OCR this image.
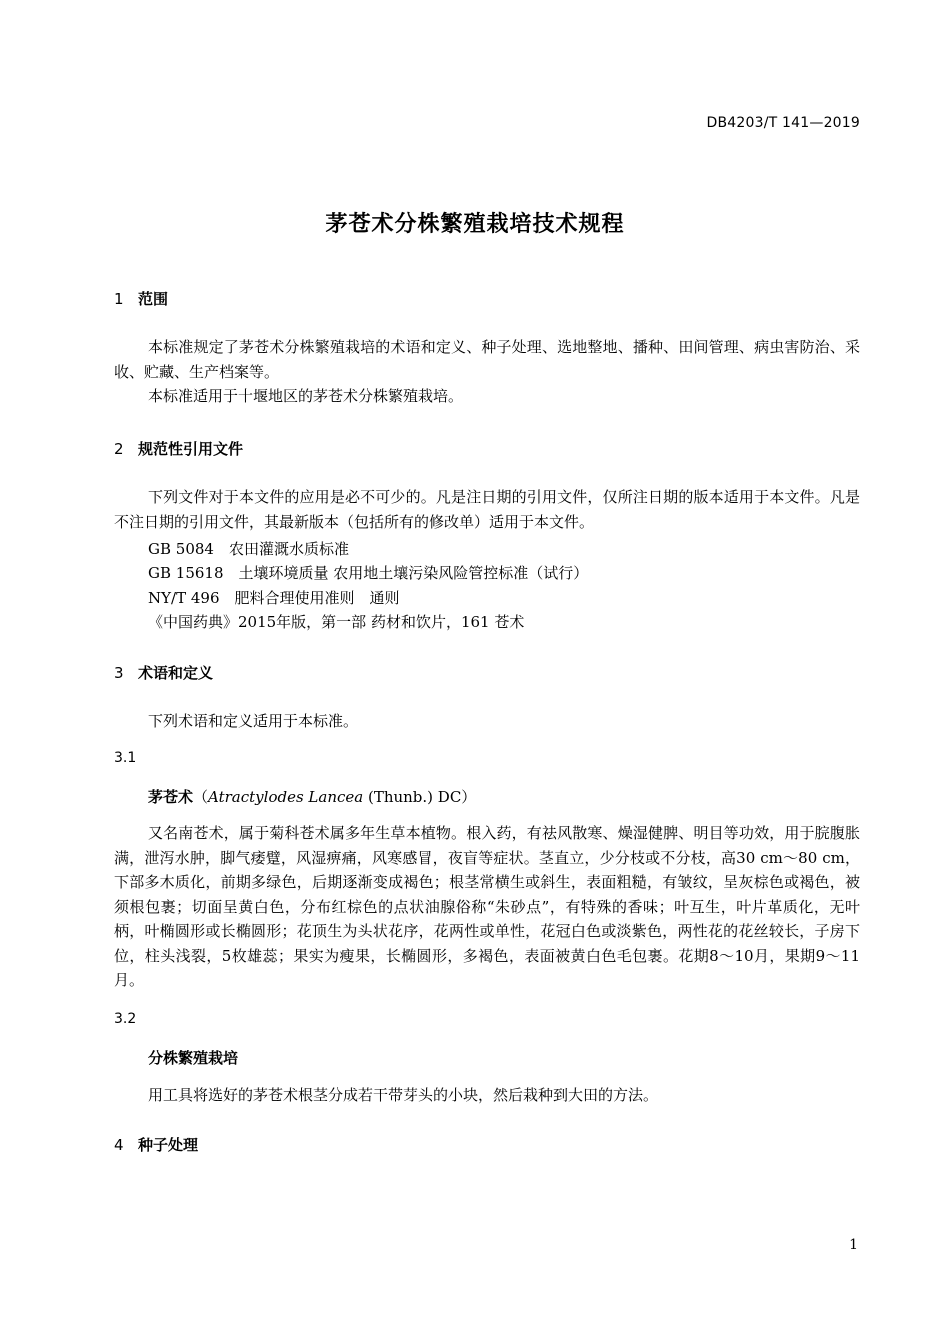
DB4203/T 141—2019
茅苍术分株繁殖栽培技术规程
1 范围
本标准规定了茅苍术分株繁殖栽培的术语和定义、种子处理、选地整地、播种、田间管理、病虫害防治、采收、贮藏、生产档案等。
本标准适用于十堰地区的茅苍术分株繁殖栽培。
2 规范性引用文件
下列文件对于本文件的应用是必不可少的。凡是注日期的引用文件，仅所注日期的版本适用于本文件。凡是不注日期的引用文件，其最新版本（包括所有的修改单）适用于本文件。
GB 5084　农田灌溉水质标准
GB 15618　土壤环境质量 农用地土壤污染风险管控标准（试行）
NY/T 496　肥料合理使用准则　通则
《中国药典》2015年版，第一部 药材和饮片，161 苍术
3 术语和定义
下列术语和定义适用于本标准。
3.1
茅苍术（Atractylodes Lancea (Thunb.) DC）
又名南苍术，属于菊科苍术属多年生草本植物。根入药，有祛风散寒、燥湿健脾、明目等功效，用于脘腹胀满，泄泻水肿，脚气痿躄，风湿痹痛，风寒感冒，夜盲等症状。茎直立，少分枝或不分枝，高30 cm～80 cm，下部多木质化，前期多绿色，后期逐渐变成褐色；根茎常横生或斜生，表面粗糙，有皱纹，呈灰棕色或褐色，被须根包裹；切面呈黄白色，分布红棕色的点状油腺俗称“朱砂点”，有特殊的香味；叶互生，叶片革质化，无叶柄，叶椭圆形或长椭圆形；花顶生为头状花序，花两性或单性，花冠白色或淡紫色，两性花的花丝较长，子房下位，柱头浅裂，5枚雄蕊；果实为瘦果，长椭圆形，多褐色，表面被黄白色毛包裹。花期8～10月，果期9～11月。
3.2
分株繁殖栽培
用工具将选好的茅苍术根茎分成若干带芽头的小块，然后栽种到大田的方法。
4 种子处理
1
